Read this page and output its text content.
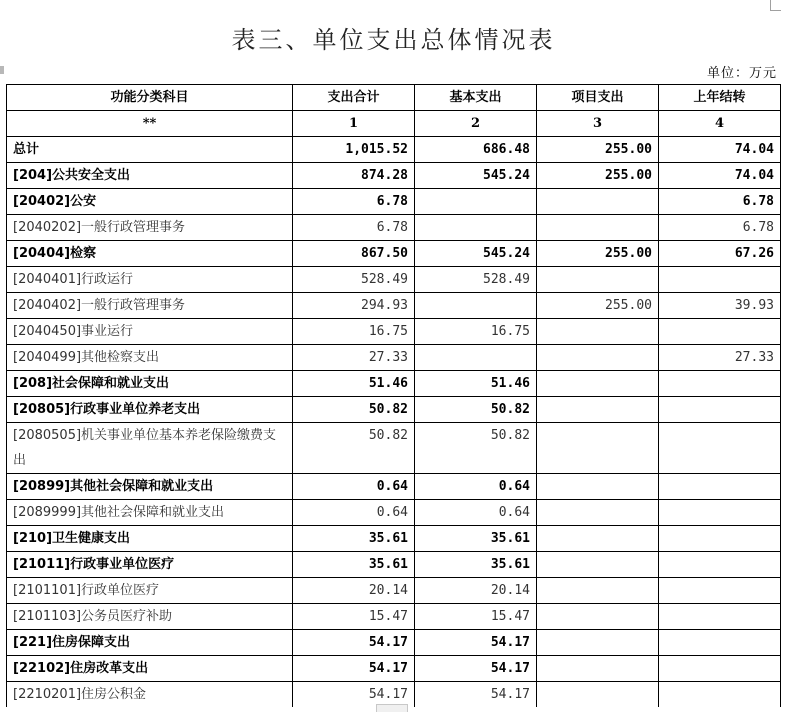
表三、单位支出总体情况表
单位：万元
功能分类科目	支出合计	基本支出	项目支出	上年结转
**	1	2	3	4
总计	1,015.52	686.48	255.00	74.04
[204]公共安全支出	874.28	545.24	255.00	74.04
[20402]公安	6.78			6.78
[2040202]一般行政管理事务	6.78			6.78
[20404]检察	867.50	545.24	255.00	67.26
[2040401]行政运行	528.49	528.49		
[2040402]一般行政管理事务	294.93		255.00	39.93
[2040450]事业运行	16.75	16.75		
[2040499]其他检察支出	27.33			27.33
[208]社会保障和就业支出	51.46	51.46		
[20805]行政事业单位养老支出	50.82	50.82		
[2080505]机关事业单位基本养老保险缴费支出	50.82	50.82		
[20899]其他社会保障和就业支出	0.64	0.64		
[2089999]其他社会保障和就业支出	0.64	0.64		
[210]卫生健康支出	35.61	35.61		
[21011]行政事业单位医疗	35.61	35.61		
[2101101]行政单位医疗	20.14	20.14		
[2101103]公务员医疗补助	15.47	15.47		
[221]住房保障支出	54.17	54.17		
[22102]住房改革支出	54.17	54.17		
[2210201]住房公积金	54.17	54.17		
